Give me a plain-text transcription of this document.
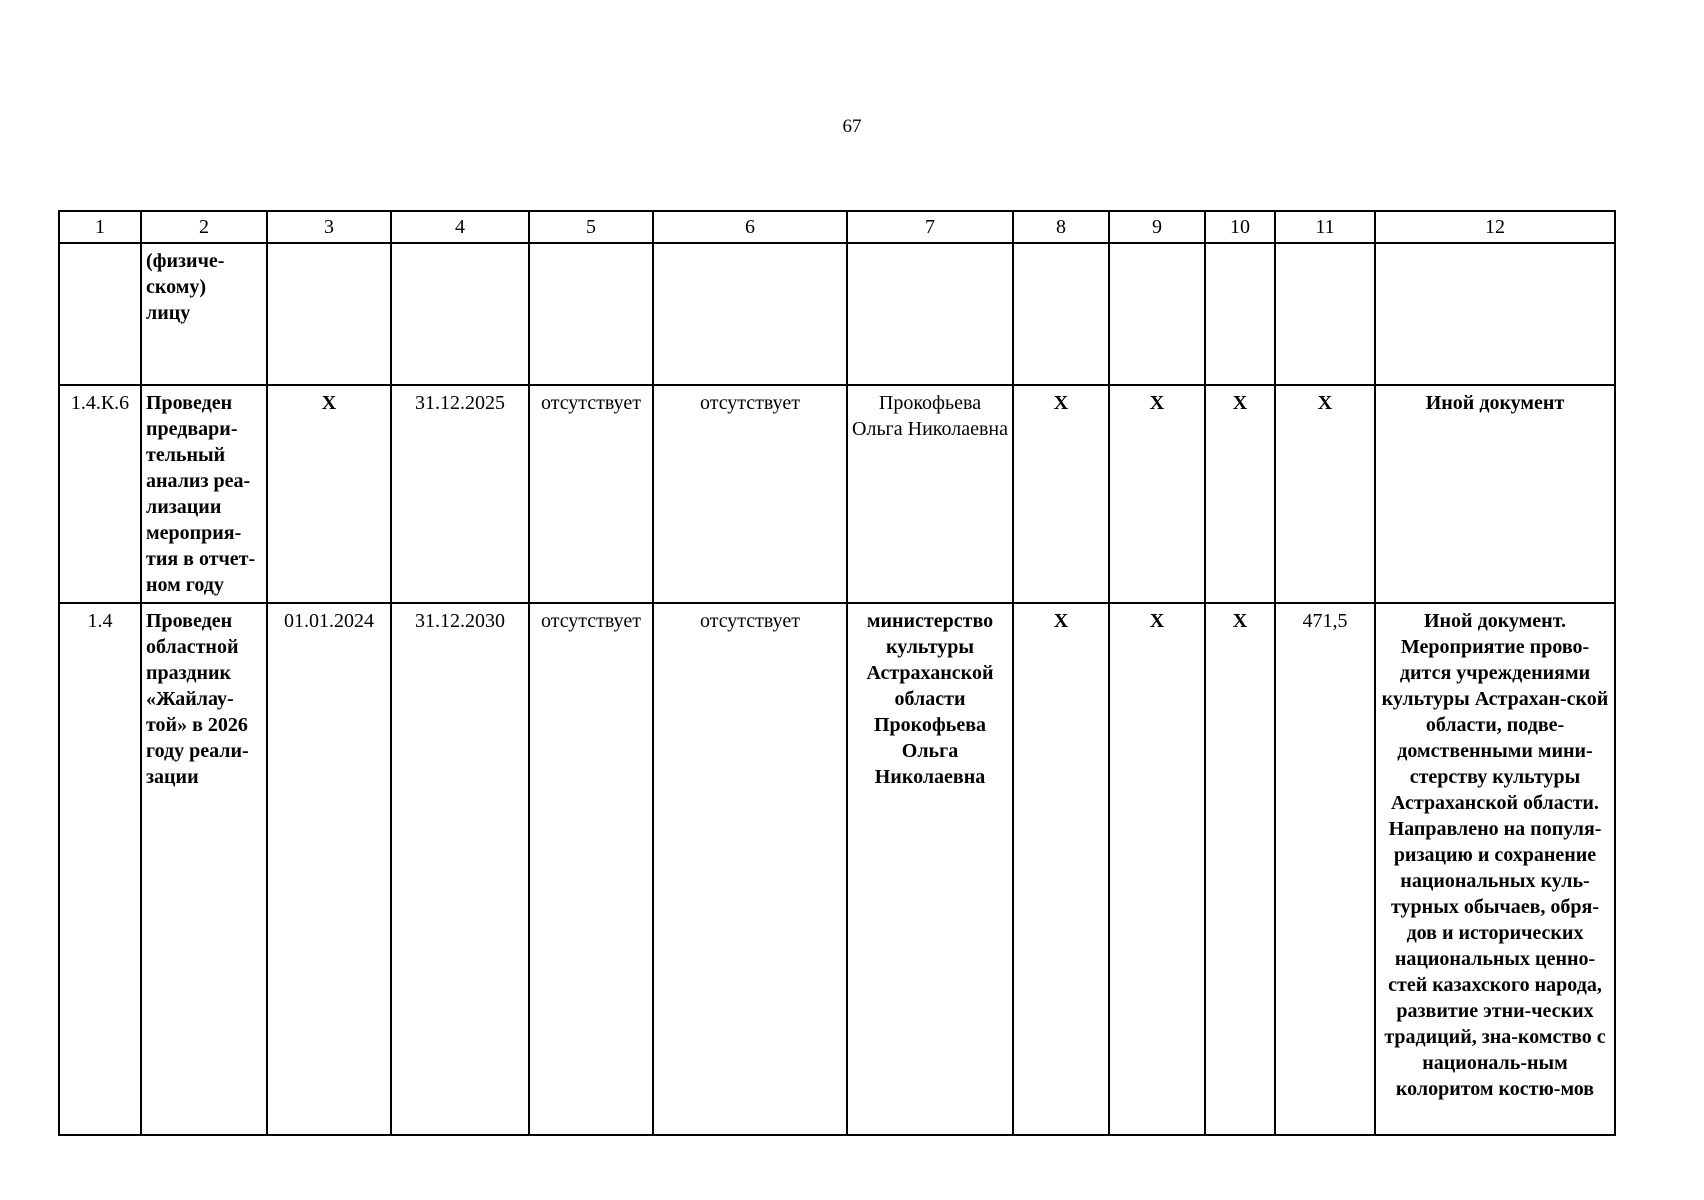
67
1	2	3	4	5	6	7	8	9	10	11	12
	(физиче-
скому)
лицу										
1.4.К.6	Проведен предвари-тельный анализ реа-лизации мероприя-тия в отчет-ном году	X	31.12.2025	отсутствует	отсутствует	Прокофьева Ольга Николаевна	X	X	X	X	Иной документ
1.4	Проведен областной праздник «Жайлау-той» в 2026 году реали-зации	01.01.2024	31.12.2030	отсутствует	отсутствует	министерство культуры Астраханской области Прокофьева Ольга Николаевна	X	X	X	471,5	Иной документ. Мероприятие прово-дится учреждениями культуры Астрахан-ской области, подве-домственными мини-стерству культуры Астраханской области. Направлено на популя-ризацию и сохранение национальных куль-турных обычаев, обря-дов и исторических национальных ценно-стей казахского народа, развитие этни-ческих традиций, зна-комство с националь-ным колоритом костю-мов
